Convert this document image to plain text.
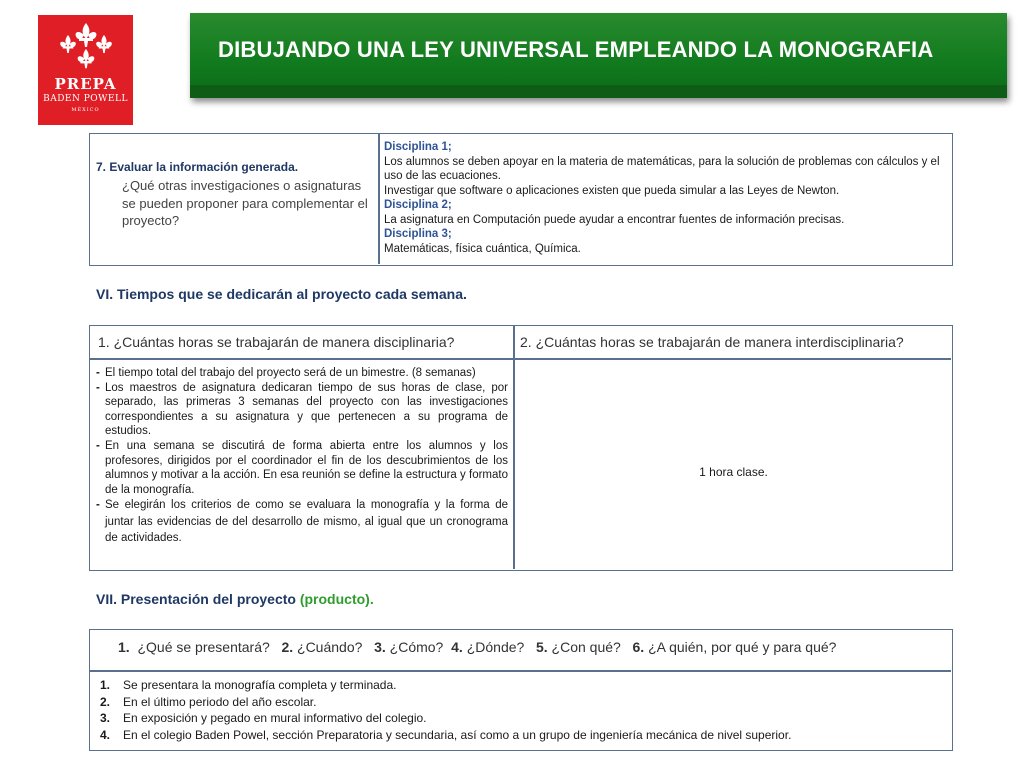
PREPA
BADEN POWELL
MÉXICO
DIBUJANDO UNA LEY UNIVERSAL EMPLEANDO LA MONOGRAFIA
7. Evaluar la información generada.
¿Qué otras investigaciones o asignaturas se pueden proponer para complementar el proyecto?
Disciplina 1;
Los alumnos se deben apoyar en la materia de matemáticas, para la solución de problemas con cálculos y el uso de las ecuaciones.
Investigar que software o aplicaciones existen que pueda simular a las Leyes de Newton.
Disciplina 2;
La asignatura en Computación puede ayudar a encontrar fuentes de información precisas.
Disciplina 3;
Matemáticas, física cuántica, Química.
VI. Tiempos que se dedicarán al proyecto cada semana.
1. ¿Cuántas horas se trabajarán de manera disciplinaria?	2. ¿Cuántas horas se trabajarán de manera interdisciplinaria?
- El tiempo total del trabajo del proyecto será de un bimestre. (8 semanas)
- Los maestros de asignatura dedicaran tiempo de sus horas de clase, por separado, las primeras 3 semanas del proyecto con las investigaciones correspondientes a su asignatura y que pertenecen a su programa de estudios.
- En una semana se discutirá de forma abierta entre los alumnos y los profesores, dirigidos por el coordinador el fin de los descubrimientos de los alumnos y motivar a la acción. En esa reunión se define la estructura y formato de la monografía.
- Se elegirán los criterios de como se evaluara la monografía y la forma de juntar las evidencias de del desarrollo de mismo, al igual que un cronograma de actividades.
1 hora clase.
VII. Presentación del proyecto (producto).
1. ¿Qué se presentará? 2. ¿Cuándo? 3. ¿Cómo? 4. ¿Dónde? 5. ¿Con qué? 6. ¿A quién, por qué y para qué?
1. Se presentara la monografía completa y terminada.
2. En el último periodo del año escolar.
3. En exposición y pegado en mural informativo del colegio.
4. En el colegio Baden Powel, sección Preparatoria y secundaria, así como a un grupo de ingeniería mecánica de nivel superior.
